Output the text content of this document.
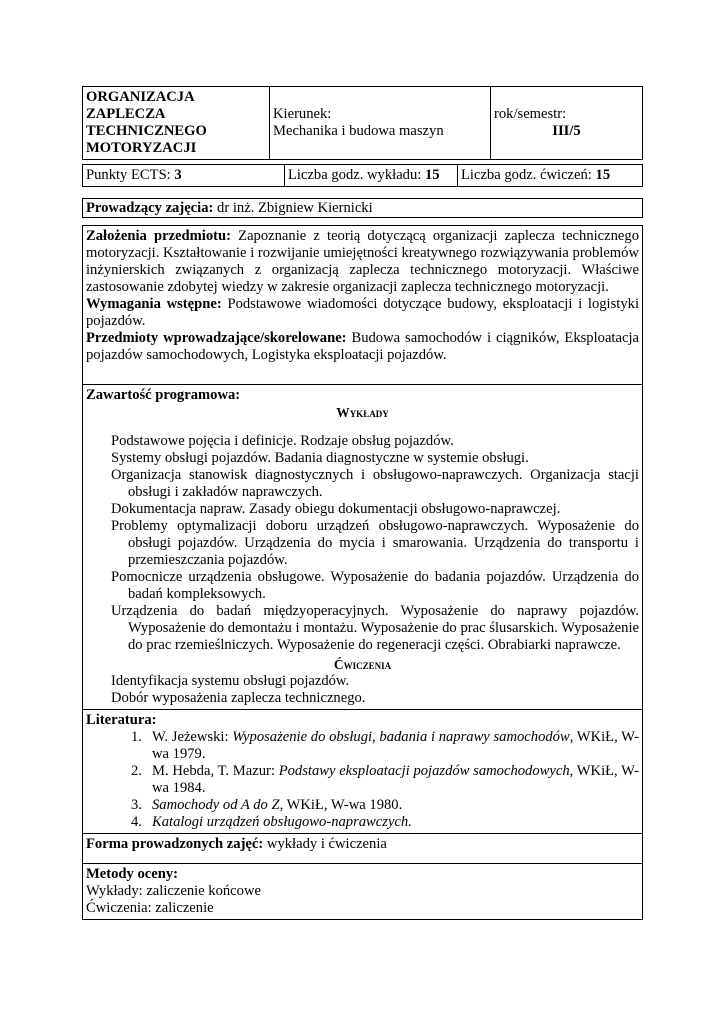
ORGANIZACJA
ZAPLECZA
TECHNICZNEGO
MOTORYZACJI

Kierunek:
Mechanika i budowa maszyn

rok/semestr:
III/5
Punkty ECTS: 3	Liczba godz. wykładu: 15	Liczba godz. ćwiczeń: 15
Prowadzący zajęcia: dr inż. Zbigniew Kiernicki
Założenia przedmiotu: Zapoznanie z teorią dotyczącą organizacji zaplecza technicznego motoryzacji. Kształtowanie i rozwijanie umiejętności kreatywnego rozwiązywania problemów inżynierskich związanych z organizacją zaplecza technicznego motoryzacji. Właściwe zastosowanie zdobytej wiedzy w zakresie organizacji zaplecza technicznego motoryzacji.
Wymagania wstępne: Podstawowe wiadomości dotyczące budowy, eksploatacji i logistyki pojazdów.
Przedmioty wprowadzające/skorelowane: Budowa samochodów i ciągników, Eksploatacja pojazdów samochodowych, Logistyka eksploatacji pojazdów.

Zawartość programowa:
Wykłady
Podstawowe pojęcia i definicje. Rodzaje obsług pojazdów.
Systemy obsługi pojazdów. Badania diagnostyczne w systemie obsługi.
Organizacja stanowisk diagnostycznych i obsługowo-naprawczych. Organizacja stacji obsługi i zakładów naprawczych.
Dokumentacja napraw. Zasady obiegu dokumentacji obsługowo-naprawczej.
Problemy optymalizacji doboru urządzeń obsługowo-naprawczych. Wyposażenie do obsługi pojazdów. Urządzenia do mycia i smarowania. Urządzenia do transportu i przemieszczania pojazdów.
Pomocnicze urządzenia obsługowe. Wyposażenie do badania pojazdów. Urządzenia do badań kompleksowych.
Urządzenia do badań międzyoperacyjnych. Wyposażenie do naprawy pojazdów. Wyposażenie do demontażu i montażu. Wyposażenie do prac ślusarskich. Wyposażenie do prac rzemieślniczych. Wyposażenie do regeneracji części. Obrabiarki naprawcze.
Ćwiczenia
Identyfikacja systemu obsługi pojazdów.
Dobór wyposażenia zaplecza technicznego.

Literatura:
1. W. Jeżewski: Wyposażenie do obsługi, badania i naprawy samochodów, WKiŁ, W-wa 1979.
2. M. Hebda, T. Mazur: Podstawy eksploatacji pojazdów samochodowych, WKiŁ, W-wa 1984.
3. Samochody od A do Z, WKiŁ, W-wa 1980.
4. Katalogi urządzeń obsługowo-naprawczych.

Forma prowadzonych zajęć: wykłady i ćwiczenia

Metody oceny:
Wykłady: zaliczenie końcowe
Ćwiczenia: zaliczenie
